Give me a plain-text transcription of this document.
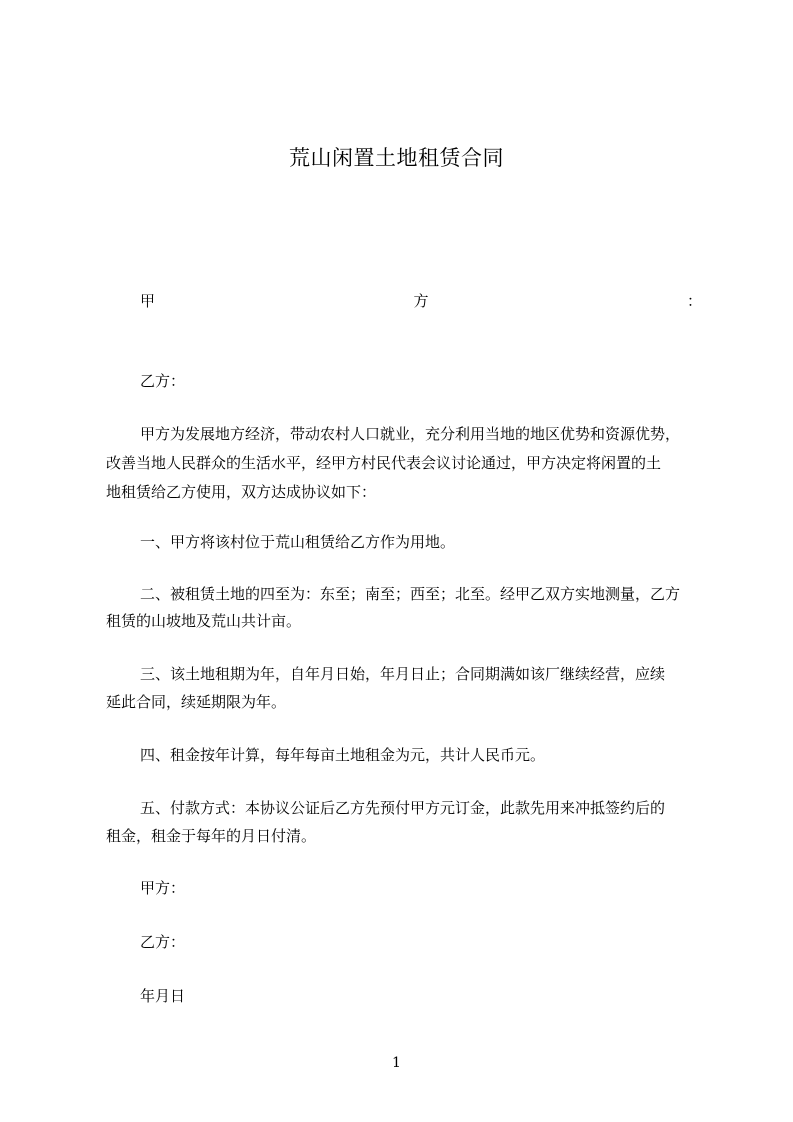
荒山闲置土地租赁合同
甲	方	：
乙方：
甲方为发展地方经济，带动农村人口就业，充分利用当地的地区优势和资源优势，
改善当地人民群众的生活水平，经甲方村民代表会议讨论通过，甲方决定将闲置的土
地租赁给乙方使用，双方达成协议如下：
一、甲方将该村位于荒山租赁给乙方作为用地。
二、被租赁土地的四至为：东至；南至；西至；北至。经甲乙双方实地测量，乙方
租赁的山坡地及荒山共计亩。
三、该土地租期为年，自年月日始，年月日止；合同期满如该厂继续经营，应续
延此合同，续延期限为年。
四、租金按年计算，每年每亩土地租金为元，共计人民币元。
五、付款方式：本协议公证后乙方先预付甲方元订金，此款先用来冲抵签约后的
租金，租金于每年的月日付清。
甲方：
乙方：
年月日
1
